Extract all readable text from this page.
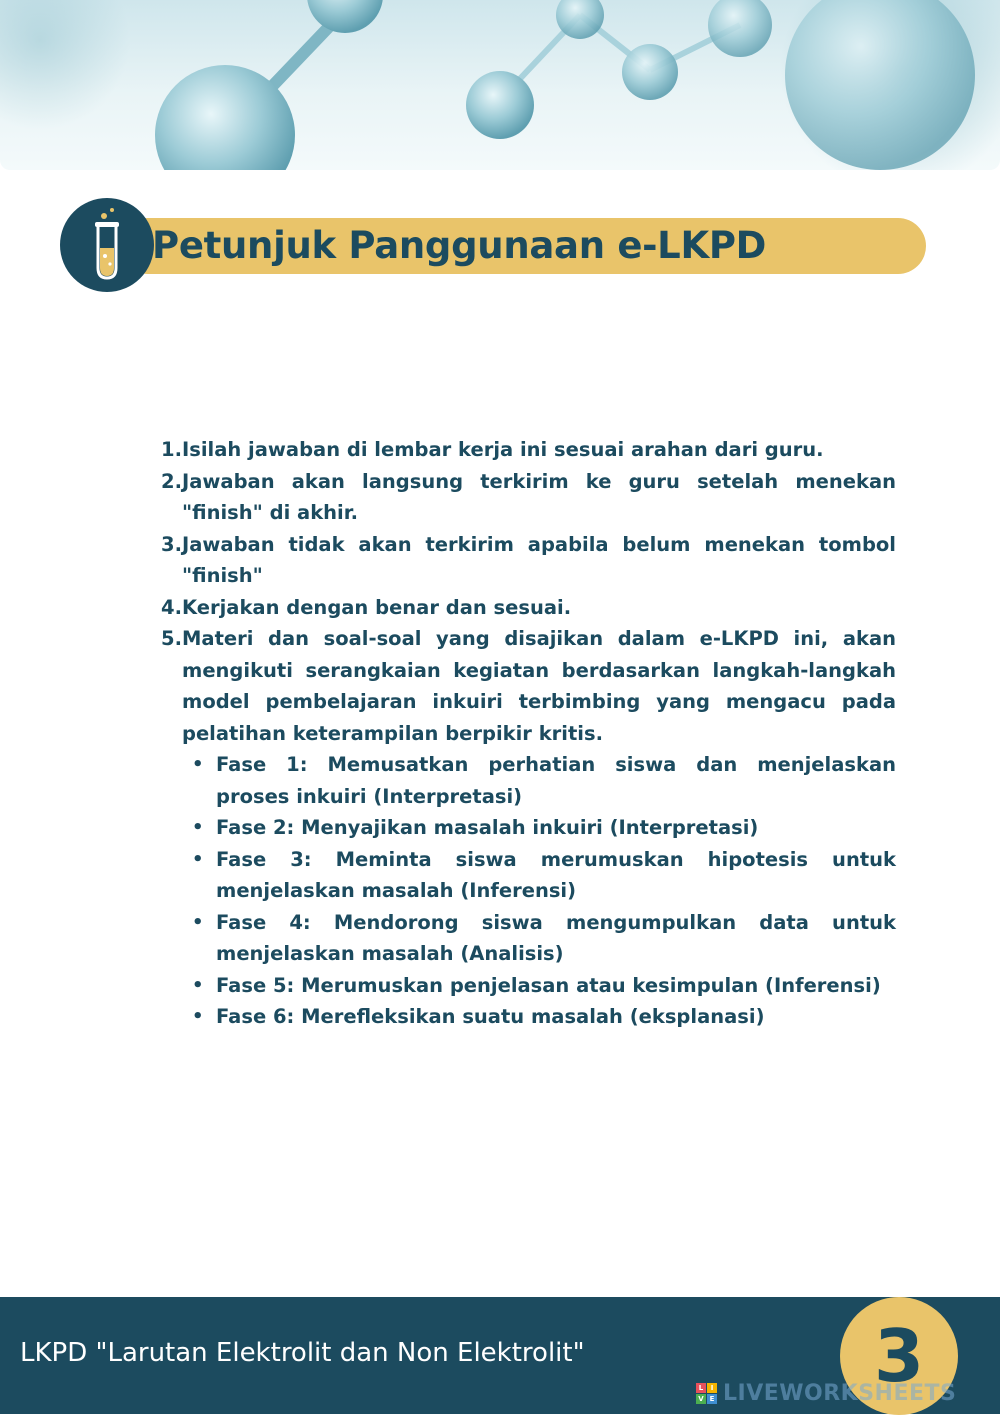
Petunjuk Panggunaan e-LKPD
1. Isilah jawaban di lembar kerja ini sesuai arahan dari guru.
2. Jawaban akan langsung terkirim ke guru setelah menekan "finish" di akhir.
3. Jawaban tidak akan terkirim apabila belum menekan tombol "finish"
4. Kerjakan dengan benar dan sesuai.
5. Materi dan soal-soal yang disajikan dalam e-LKPD ini, akan mengikuti serangkaian kegiatan berdasarkan langkah-langkah model pembelajaran inkuiri terbimbing yang mengacu pada pelatihan keterampilan berpikir kritis.
• Fase 1: Memusatkan perhatian siswa dan menjelaskan proses inkuiri (Interpretasi)
• Fase 2: Menyajikan masalah inkuiri (Interpretasi)
• Fase 3: Meminta siswa merumuskan hipotesis untuk menjelaskan masalah (Inferensi)
• Fase 4: Mendorong siswa mengumpulkan data untuk menjelaskan masalah (Analisis)
• Fase 5: Merumuskan penjelasan atau kesimpulan (Inferensi)
• Fase 6: Merefleksikan suatu masalah (eksplanasi)
LKPD "Larutan Elektrolit dan Non Elektrolit"	3
L	I
V E LIVEWORKSHEETS
